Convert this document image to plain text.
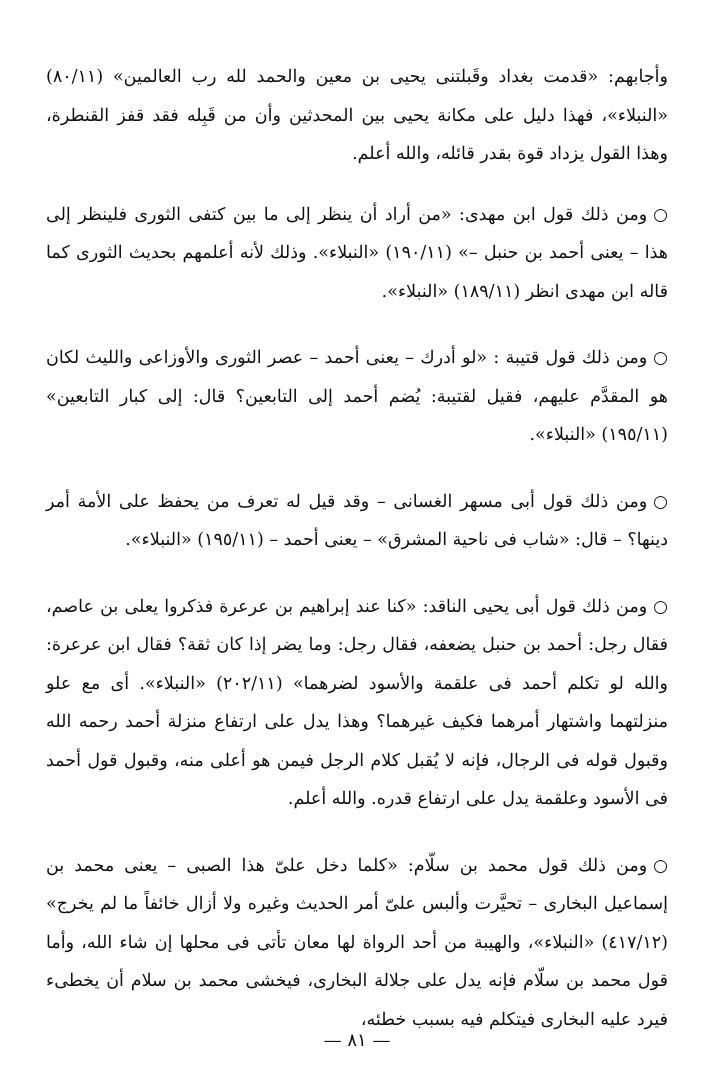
وأجابهم: «قدمت بغداد وقَبلتنى يحيى بن معين والحمد لله رب العالمين» (٨٠/١١) «النبلاء»، فهذا دليل على مكانة يحيى بين المحدثين وأن من قَبِله فقد قفز القنطرة، وهذا القول يزداد قوة بقدر قائله، والله أعلم.

○ومن ذلك قول ابن مهدى: «من أراد أن ينظر إلى ما بين كتفى الثورى فلينظر إلى هذا – يعنى أحمد بن حنبل –» (١٩٠/١١) «النبلاء». وذلك لأنه أعلمهم بحديث الثورى كما قاله ابن مهدى انظر (١٨٩/١١) «النبلاء».

○ومن ذلك قول قتيبة : «لو أدرك – يعنى أحمد – عصر الثورى والأوزاعى والليث لكان هو المقدَّم عليهم، فقيل لقتيبة: يُضم أحمد إلى التابعين؟ قال: إلى كبار التابعين» (١٩٥/١١) «النبلاء».

○ومن ذلك قول أبى مسهر الغسانى – وقد قيل له تعرف من يحفظ على الأمة أمر دينها؟ – قال: «شاب فى ناحية المشرق» – يعنى أحمد – (١٩٥/١١) «النبلاء».

○ومن ذلك قول أبى يحيى الناقد: «كنا عند إبراهيم بن عرعرة فذكروا يعلى بن عاصم، فقال رجل: أحمد بن حنبل يضعفه، فقال رجل: وما يضر إذا كان ثقة؟ فقال ابن عرعرة: والله لو تكلم أحمد فى علقمة والأسود لضرهما» (٢٠٢/١١) «النبلاء». أى مع علو منزلتهما واشتهار أمرهما فكيف غيرهما؟ وهذا يدل على ارتفاع منزلة أحمد رحمه الله وقبول قوله فى الرجال، فإنه لا يُقبل كلام الرجل فيمن هو أعلى منه، وقبول قول أحمد فى الأسود وعلقمة يدل على ارتفاع قدره. والله أعلم.

○ومن ذلك قول محمد بن سلّام: «كلما دخل علىّ هذا الصبى – يعنى محمد بن إسماعيل البخارى – تحيَّرت وألبس علىّ أمر الحديث وغيره ولا أزال خائفاً ما لم يخرج» (٤١٧/١٢) «النبلاء»، والهيبة من أحد الرواة لها معان تأتى فى محلها إن شاء الله، وأما قول محمد بن سلّام فإنه يدل على جلالة البخارى، فيخشى محمد بن سلام أن يخطىء فيرد عليه البخارى فيتكلم فيه بسبب خطئه،

— ٨١ —
